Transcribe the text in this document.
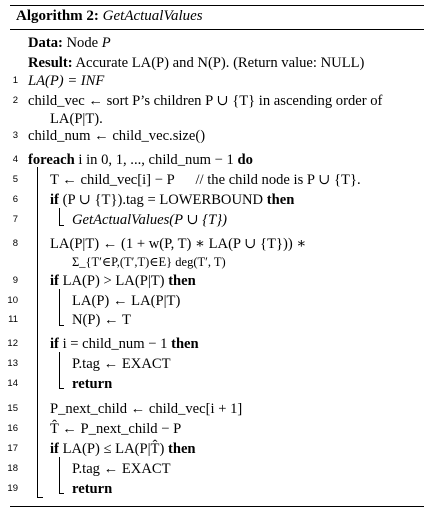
Algorithm 2: GetActualValues
Data: Node P
Result: Accurate LA(P) and N(P). (Return value: NULL)
1
2
3
4
5
6
7
8
9
10
11
12
13
14
15
16
17
18
19
LA(P) = INF
child_vec ← sort P’s children P ∪ {T} in ascending order of
LA(P|T).
child_num ← child_vec.size()
foreach i in 0, 1, ..., child_num − 1 do
T ← child_vec[i] − P // the child node is P ∪ {T}.
if (P ∪ {T}).tag = LOWERBOUND then
GetActualValues(P ∪ {T})
LA(P|T) ← (1 + w(P, T) ∗ LA(P ∪ {T})) ∗
Σ_{T′∈P,(T′,T)∈E} deg(T′, T)
if LA(P) > LA(P|T) then
LA(P) ← LA(P|T)
N(P) ← T
if i = child_num − 1 then
P.tag ← EXACT
return
P_next_child ← child_vec[i + 1]
T̂ ← P_next_child − P
if LA(P) ≤ LA(P|T̂) then
P.tag ← EXACT
return
